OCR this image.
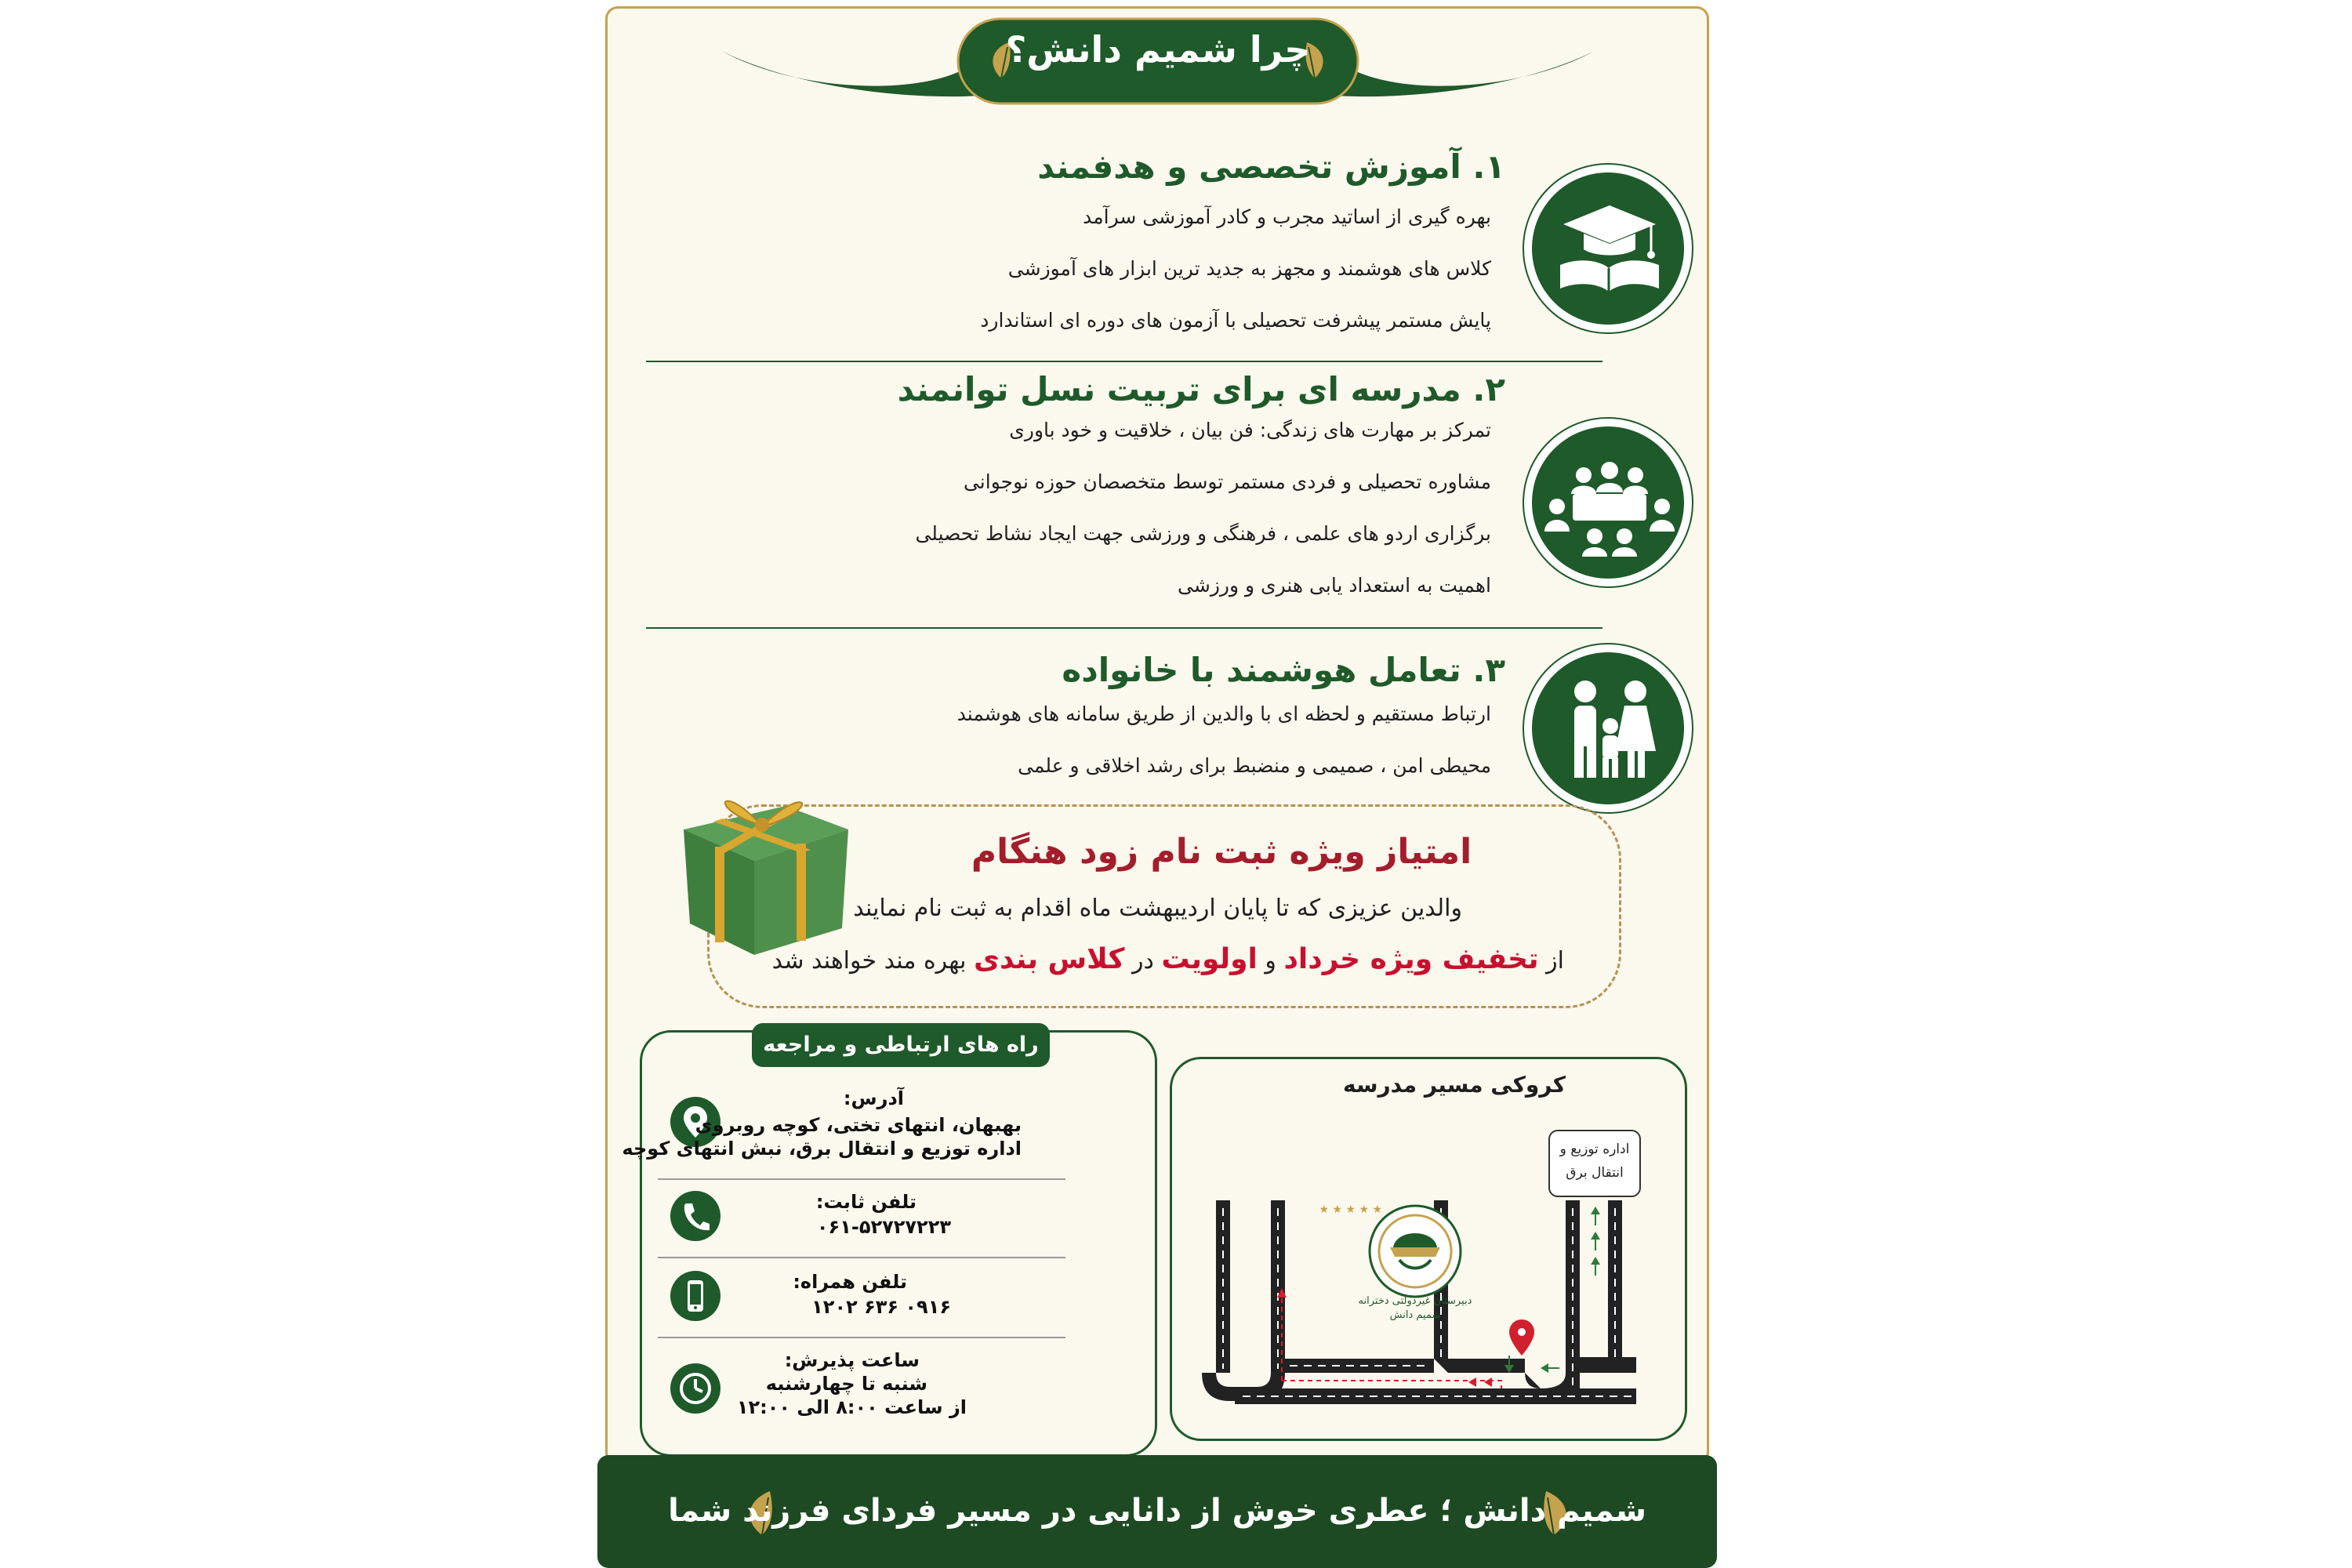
چرا شمیم دانش؟
۱. آموزش تخصصی و هدفمند
بهره گیری از اساتید مجرب و کادر آموزشی سرآمد
کلاس های هوشمند و مجهز به جدید ترین ابزار های آموزشی
پایش مستمر پیشرفت تحصیلی با آزمون های دوره ای استاندارد
۲. مدرسه ای برای تربیت نسل توانمند
تمرکز بر مهارت های زندگی: فن بیان ، خلاقیت و خود باوری
مشاوره تحصیلی و فردی مستمر توسط متخصصان حوزه نوجوانی
برگزاری اردو های علمی ، فرهنگی و ورزشی جهت ایجاد نشاط تحصیلی
اهمیت به استعداد یابی هنری و ورزشی
۳. تعامل هوشمند با خانواده
ارتباط مستقیم و لحظه ای با والدین از طریق سامانه های هوشمند
محیطی امن ، صمیمی و منضبط برای رشد اخلاقی و علمی
امتیاز ویژه ثبت نام زود هنگام
والدین عزیزی که تا پایان اردیبهشت ماه اقدام به ثبت نام نمایند
از تخفیف ویژه خرداد و اولویت در کلاس بندی بهره مند خواهند شد
راه های ارتباطی و مراجعه
آدرس:
بهبهان، انتهای تختی، کوچه روبروی
اداره توزیع و انتقال برق، نبش انتهای کوچه
تلفن ثابت:
۰۶۱-۵۲۷۲۷۲۲۳
تلفن همراه:
۰۹۱۶ ۶۳۶ ۱۲۰۲
ساعت پذیرش:
شنبه تا چهارشنبه
از ساعت ۸:۰۰ الی ۱۲:۰۰
کروکی مسیر مدرسه
اداره توزیع و
انتقال برق
★ ★ ★ ★ ★
دبیرستان غیردولتی دخترانه
شمیم دانش
شمیم دانش ؛ عطری خوش از دانایی در مسیر فردای فرزند شما
